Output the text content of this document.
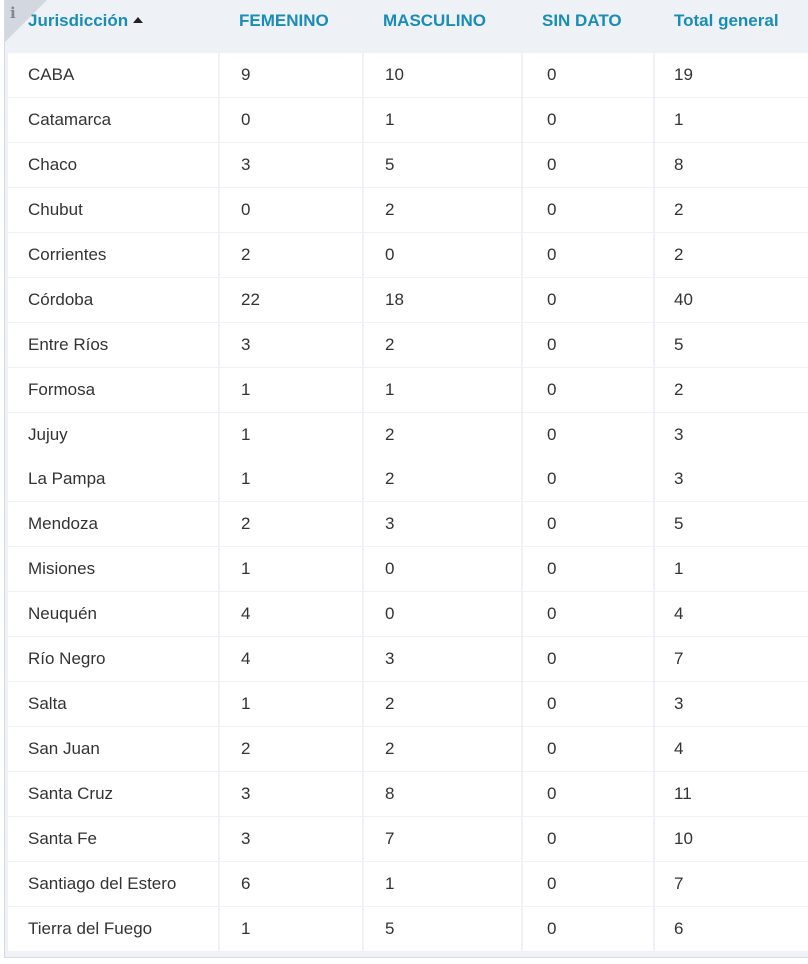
i Jurisdicción	FEMENINO	MASCULINO	SIN DATO	Total general
CABA	9	10	0	19
Catamarca	0	1	0	1
Chaco	3	5	0	8
Chubut	0	2	0	2
Corrientes	2	0	0	2
Córdoba	22	18	0	40
Entre Ríos	3	2	0	5
Formosa	1	1	0	2
Jujuy	1	2	0	3
La Pampa	1	2	0	3
Mendoza	2	3	0	5
Misiones	1	0	0	1
Neuquén	4	0	0	4
Río Negro	4	3	0	7
Salta	1	2	0	3
San Juan	2	2	0	4
Santa Cruz	3	8	0	11
Santa Fe	3	7	0	10
Santiago del Estero	6	1	0	7
Tierra del Fuego	1	5	0	6
